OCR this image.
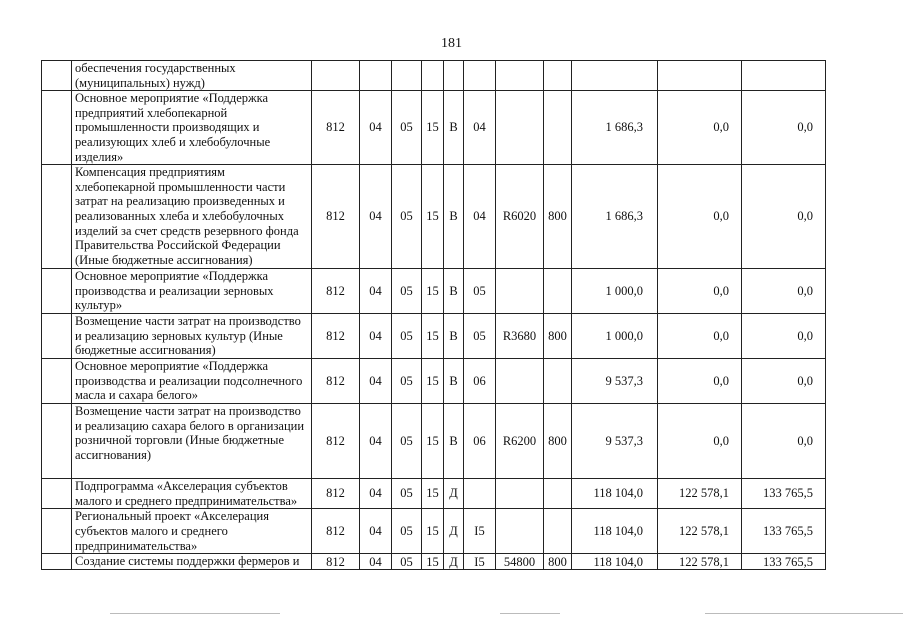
181
	обеспечения государственных (муниципальных) нужд)											
	Основное мероприятие «Поддержка предприятий хлебопекарной промышленности производящих и реализующих хлеб и хлебобулочные изделия»	812	04	05	15	В	04			1 686,3	0,0	0,0
	Компенсация предприятиям хлебопекарной промышленности части затрат на реализацию произведенных и реализованных хлеба и хлебобулочных изделий за счет средств резервного фонда Правительства Российской Федерации (Иные бюджетные ассигнования)	812	04	05	15	В	04	R6020	800	1 686,3	0,0	0,0
	Основное мероприятие «Поддержка производства и реализации зерновых культур»	812	04	05	15	В	05			1 000,0	0,0	0,0
	Возмещение части затрат на производство и реализацию зерновых культур (Иные бюджетные ассигнования)	812	04	05	15	В	05	R3680	800	1 000,0	0,0	0,0
	Основное мероприятие «Поддержка производства и реализации подсолнечного масла и сахара белого»	812	04	05	15	В	06			9 537,3	0,0	0,0
	Возмещение части затрат на производство и реализацию сахара белого в организации розничной торговли (Иные бюджетные ассигнования)	812	04	05	15	В	06	R6200	800	9 537,3	0,0	0,0
	Подпрограмма «Акселерация субъектов малого и среднего предпринимательства»	812	04	05	15	Д				118 104,0	122 578,1	133 765,5
	Региональный проект «Акселерация субъектов малого и среднего предпринимательства»	812	04	05	15	Д	I5			118 104,0	122 578,1	133 765,5
	Создание системы поддержки фермеров и	812	04	05	15	Д	I5	54800	800	118 104,0	122 578,1	133 765,5
